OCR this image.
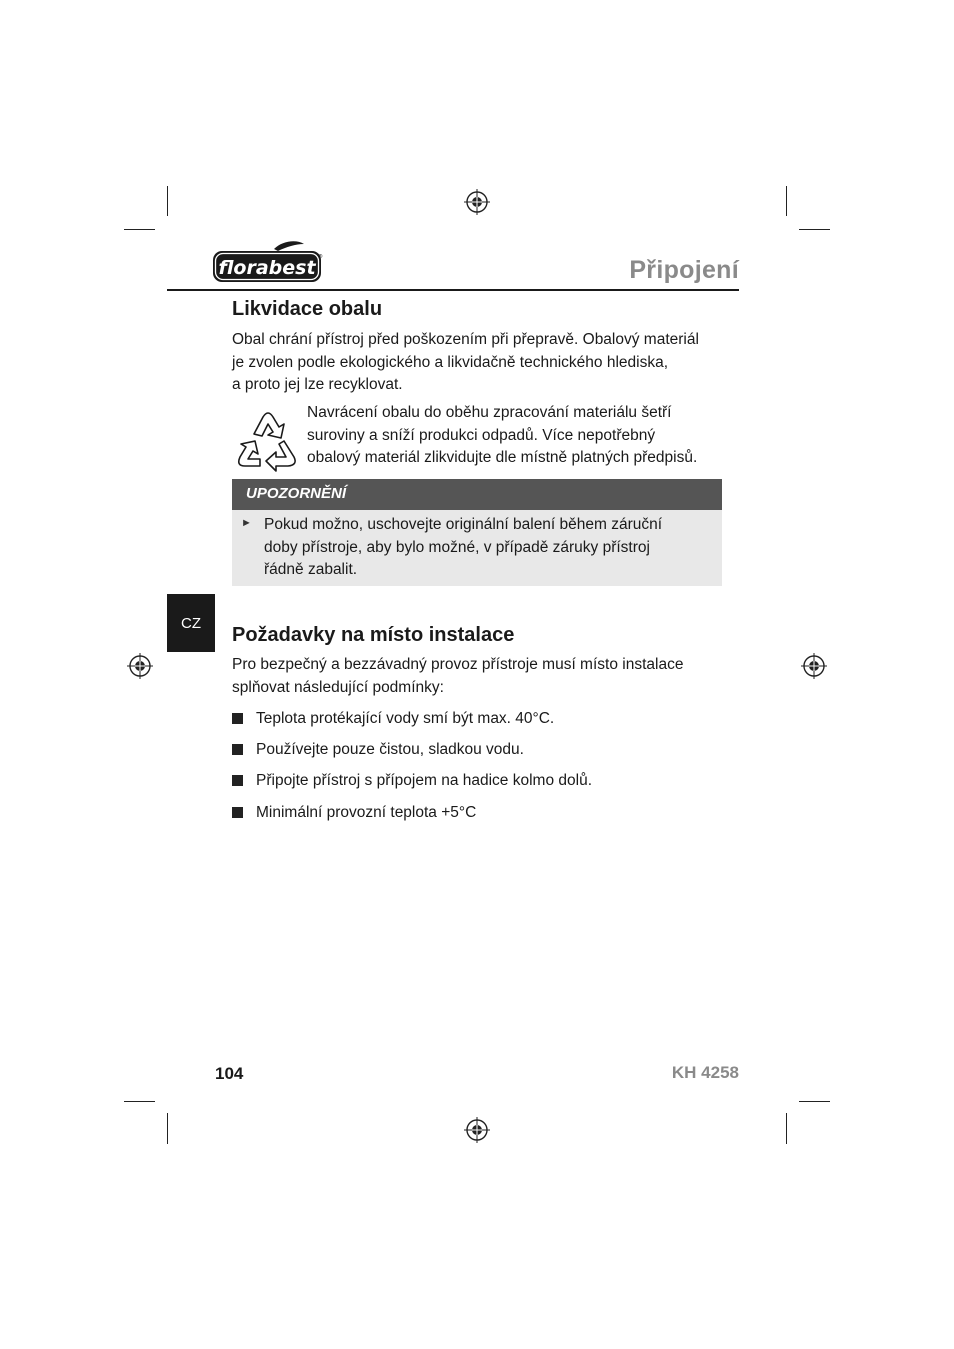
florabest ®	Připojení
Likvidace obalu
Obal chrání přístroj před poškozením při přepravě. Obalový materiál
je zvolen podle ekologického a likvidačně technického hlediska,
a proto jej lze recyklovat.
Navrácení obalu do oběhu zpracování materiálu šetří
suroviny a sníží produkci odpadů. Více nepotřebný
obalový materiál zlikvidujte dle místně platných předpisů.
UPOZORNĚNÍ
► Pokud možno, uschovejte originální balení během záruční
doby přístroje, aby bylo možné, v případě záruky přístroj
řádně zabalit.
CZ
Požadavky na místo instalace
Pro bezpečný a bezzávadný provoz přístroje musí místo instalace
splňovat následující podmínky:
Teplota protékající vody smí být max. 40°C.
Používejte pouze čistou, sladkou vodu.
Připojte přístroj s přípojem na hadice kolmo dolů.
Minimální provozní teplota +5°C
104	KH 4258
